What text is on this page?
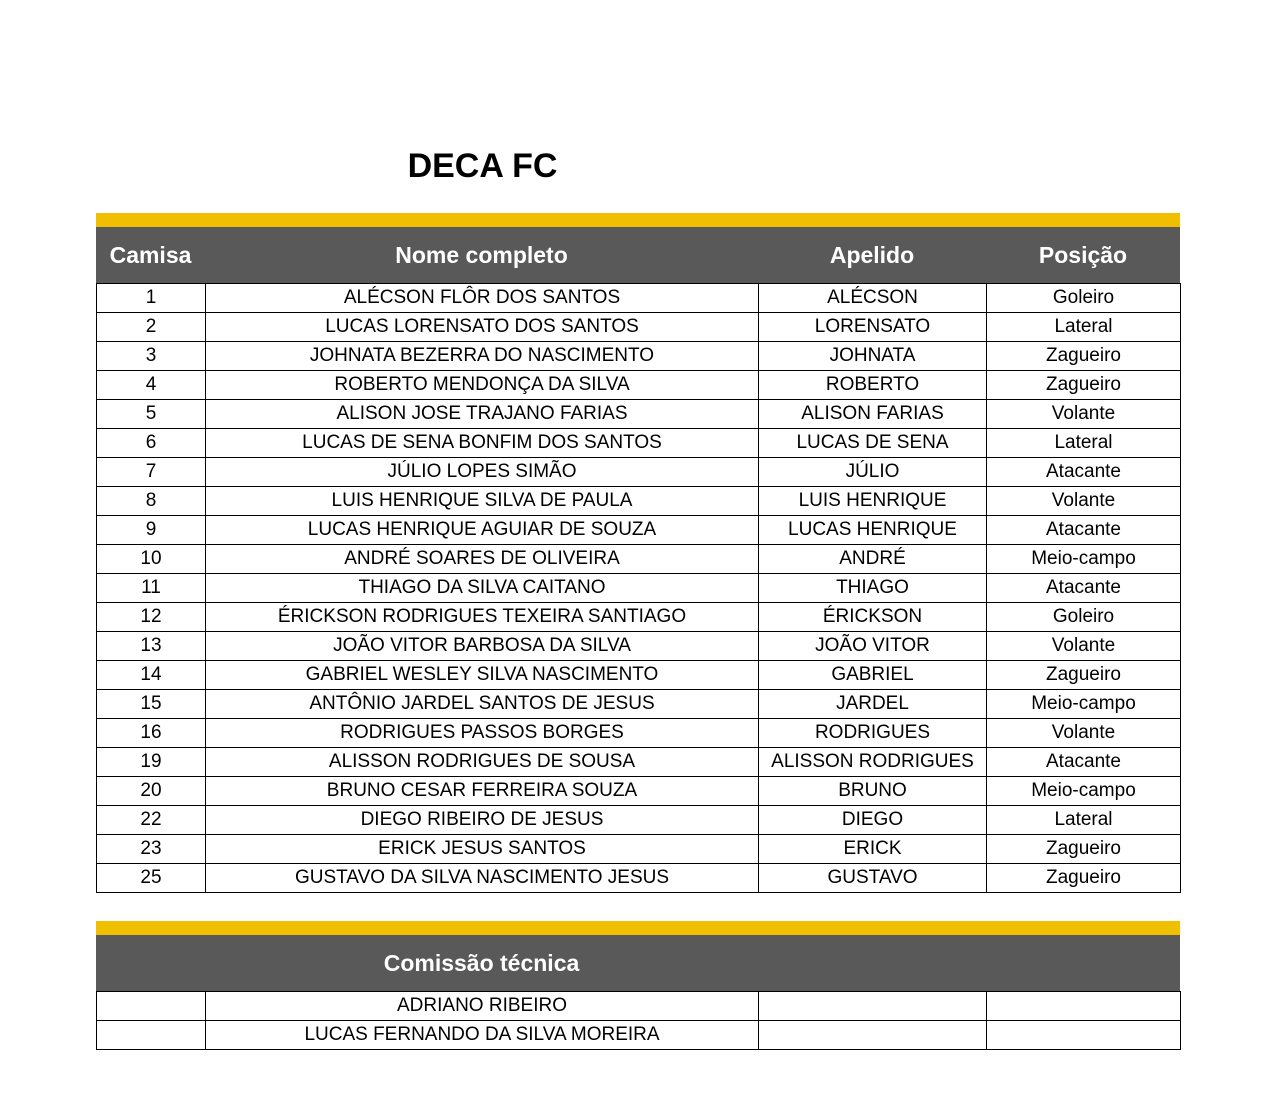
DECA FC
Camisa	Nome completo	Apelido	Posição
1	ALÉCSON FLÔR DOS SANTOS	ALÉCSON	Goleiro
2	LUCAS LORENSATO DOS SANTOS	LORENSATO	Lateral
3	JOHNATA BEZERRA DO NASCIMENTO	JOHNATA	Zagueiro
4	ROBERTO MENDONÇA DA SILVA	ROBERTO	Zagueiro
5	ALISON JOSE TRAJANO FARIAS	ALISON FARIAS	Volante
6	LUCAS DE SENA BONFIM DOS SANTOS	LUCAS DE SENA	Lateral
7	JÚLIO LOPES SIMÃO	JÚLIO	Atacante
8	LUIS HENRIQUE SILVA DE PAULA	LUIS HENRIQUE	Volante
9	LUCAS HENRIQUE AGUIAR DE SOUZA	LUCAS HENRIQUE	Atacante
10	ANDRÉ SOARES DE OLIVEIRA	ANDRÉ	Meio-campo
11	THIAGO DA SILVA CAITANO	THIAGO	Atacante
12	ÉRICKSON RODRIGUES TEXEIRA SANTIAGO	ÉRICKSON	Goleiro
13	JOÃO VITOR BARBOSA DA SILVA	JOÃO VITOR	Volante
14	GABRIEL WESLEY SILVA NASCIMENTO	GABRIEL	Zagueiro
15	ANTÔNIO JARDEL SANTOS DE JESUS	JARDEL	Meio-campo
16	RODRIGUES PASSOS BORGES	RODRIGUES	Volante
19	ALISSON RODRIGUES DE SOUSA	ALISSON RODRIGUES	Atacante
20	BRUNO CESAR FERREIRA SOUZA	BRUNO	Meio-campo
22	DIEGO RIBEIRO DE JESUS	DIEGO	Lateral
23	ERICK JESUS SANTOS	ERICK	Zagueiro
25	GUSTAVO DA SILVA NASCIMENTO JESUS	GUSTAVO	Zagueiro
Comissão técnica
	ADRIANO RIBEIRO		
	LUCAS FERNANDO DA SILVA MOREIRA		
